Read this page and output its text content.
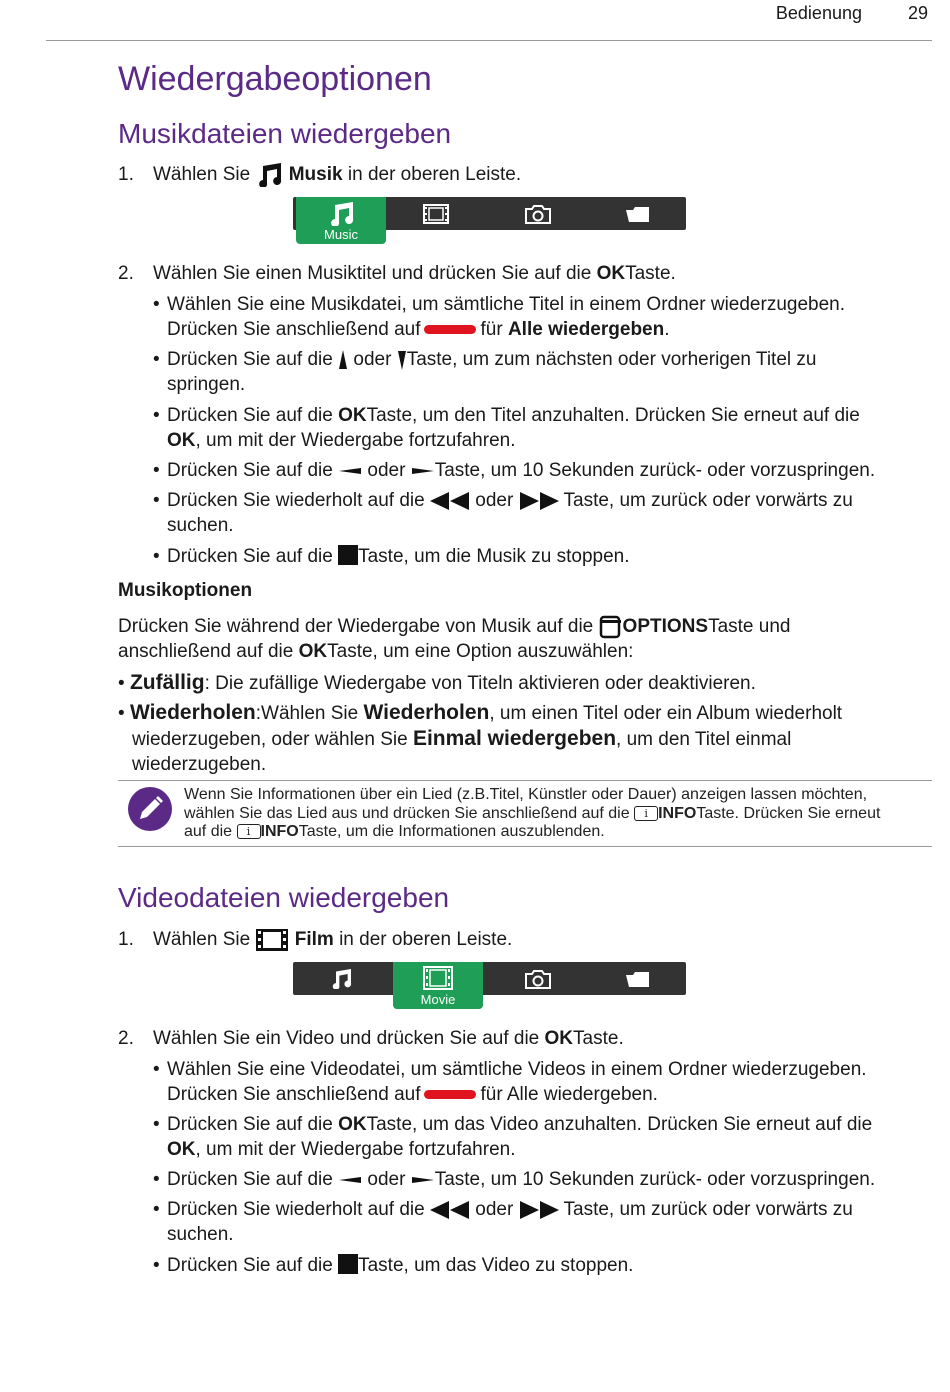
Bedienung	29
Wiedergabeoptionen
Musikdateien wiedergeben
1. Wählen Sie Musik in der oberen Leiste.
Music
2. Wählen Sie einen Musiktitel und drücken Sie auf die OKTaste.
• Wählen Sie eine Musikdatei, um sämtliche Titel in einem Ordner wiederzugeben.
Drücken Sie anschließend auf	für Alle wiedergeben.
• Drücken Sie auf die oder Taste, um zum nächsten oder vorherigen Titel zu
springen.
• Drücken Sie auf die OKTaste, um den Titel anzuhalten. Drücken Sie erneut auf die
OK, um mit der Wiedergabe fortzufahren.
• Drücken Sie auf die oder Taste, um 10 Sekunden zurück- oder vorzuspringen.
• Drücken Sie wiederholt auf die	oder	Taste, um zurück oder vorwärts zu
suchen.
• Drücken Sie auf die Taste, um die Musik zu stoppen.
Musikoptionen
Drücken Sie während der Wiedergabe von Musik auf die OPTIONSTaste und
anschließend auf die OKTaste, um eine Option auszuwählen:
• Zufällig: Die zufällige Wiedergabe von Titeln aktivieren oder deaktivieren.
• Wiederholen:Wählen Sie Wiederholen, um einen Titel oder ein Album wiederholt
wiederzugeben, oder wählen Sie Einmal wiedergeben, um den Titel einmal
wiederzugeben.
Wenn Sie Informationen über ein Lied (z.B.Titel, Künstler oder Dauer) anzeigen lassen möchten,
wählen Sie das Lied aus und drücken Sie anschließend auf die i INFOTaste. Drücken Sie erneut
auf die i INFOTaste, um die Informationen auszublenden.
Videodateien wiedergeben
1. Wählen Sie Film in der oberen Leiste.
Movie
2. Wählen Sie ein Video und drücken Sie auf die OKTaste.
• Wählen Sie eine Videodatei, um sämtliche Videos in einem Ordner wiederzugeben.
Drücken Sie anschließend auf	für Alle wiedergeben.
• Drücken Sie auf die OKTaste, um das Video anzuhalten. Drücken Sie erneut auf die
OK, um mit der Wiedergabe fortzufahren.
• Drücken Sie auf die oder Taste, um 10 Sekunden zurück- oder vorzuspringen.
• Drücken Sie wiederholt auf die	oder	Taste, um zurück oder vorwärts zu
suchen.
• Drücken Sie auf die Taste, um das Video zu stoppen.
